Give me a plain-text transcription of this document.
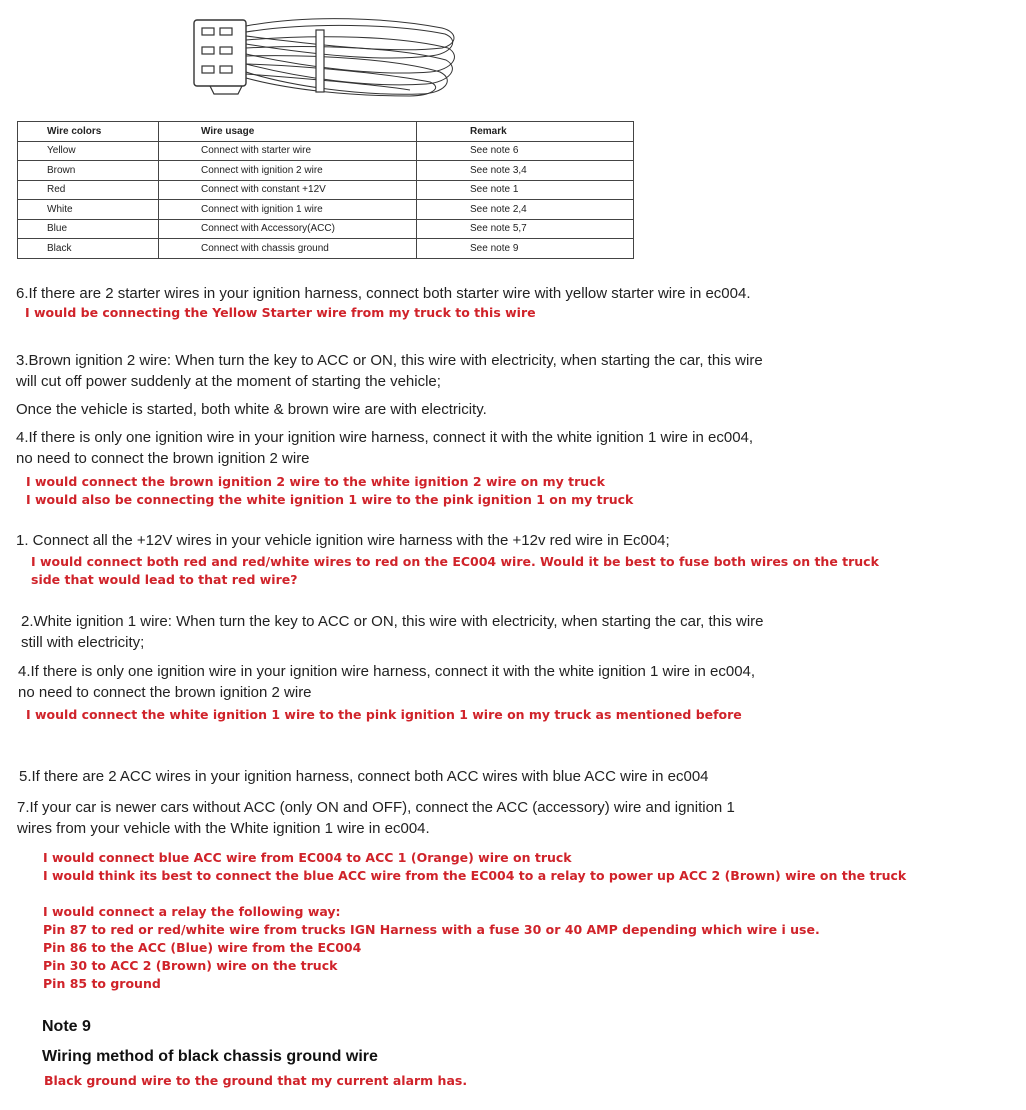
Wire colors	Wire usage	Remark
Yellow	Connect with starter wire	See note 6
Brown	Connect with ignition 2 wire	See note 3,4
Red	Connect with constant +12V	See note 1
White	Connect with ignition 1 wire	See note 2,4
Blue	Connect with Accessory(ACC)	See note 5,7
Black	Connect with chassis ground	See note 9
6.If there are 2 starter wires in your ignition harness, connect both starter wire with yellow starter wire in ec004.
I would be connecting the Yellow Starter wire from my truck to this wire
3.Brown ignition 2 wire: When turn the key to ACC or ON, this wire with electricity, when starting the car, this wire
will cut off power suddenly at the moment of starting the vehicle;
Once the vehicle is started, both white & brown wire are with electricity.
4.If there is only one ignition wire in your ignition wire harness, connect it with the white ignition 1 wire in ec004,
no need to connect the brown ignition 2 wire
I would connect the brown ignition 2 wire to the white ignition 2 wire on my truck
I would also be connecting the white ignition 1 wire to the pink ignition 1 on my truck
1. Connect all the +12V wires in your vehicle ignition wire harness with the +12v red wire in Ec004;
I would connect both red and red/white wires to red on the EC004 wire. Would it be best to fuse both wires on the truck
side that would lead to that red wire?
2.White ignition 1 wire: When turn the key to ACC or ON, this wire with electricity, when starting the car, this wire
still with electricity;
4.If there is only one ignition wire in your ignition wire harness, connect it with the white ignition 1 wire in ec004,
no need to connect the brown ignition 2 wire
I would connect the white ignition 1 wire to the pink ignition 1 wire on my truck as mentioned before
5.If there are 2 ACC wires in your ignition harness, connect both ACC wires with blue ACC wire in ec004
7.If your car is newer cars without ACC (only ON and OFF), connect the ACC (accessory) wire and ignition 1
wires from your vehicle with the White ignition 1 wire in ec004.
I would connect blue ACC wire from EC004 to ACC 1 (Orange) wire on truck
I would think its best to connect the blue ACC wire from the EC004 to a relay to power up ACC 2 (Brown) wire on the truck
I would connect a relay the following way:
Pin 87 to red or red/white wire from trucks IGN Harness with a fuse 30 or 40 AMP depending which wire i use.
Pin 86 to the ACC (Blue) wire from the EC004
Pin 30 to ACC 2 (Brown) wire on the truck
Pin 85 to ground
Note 9
Wiring method of black chassis ground wire
Black ground wire to the ground that my current alarm has.
